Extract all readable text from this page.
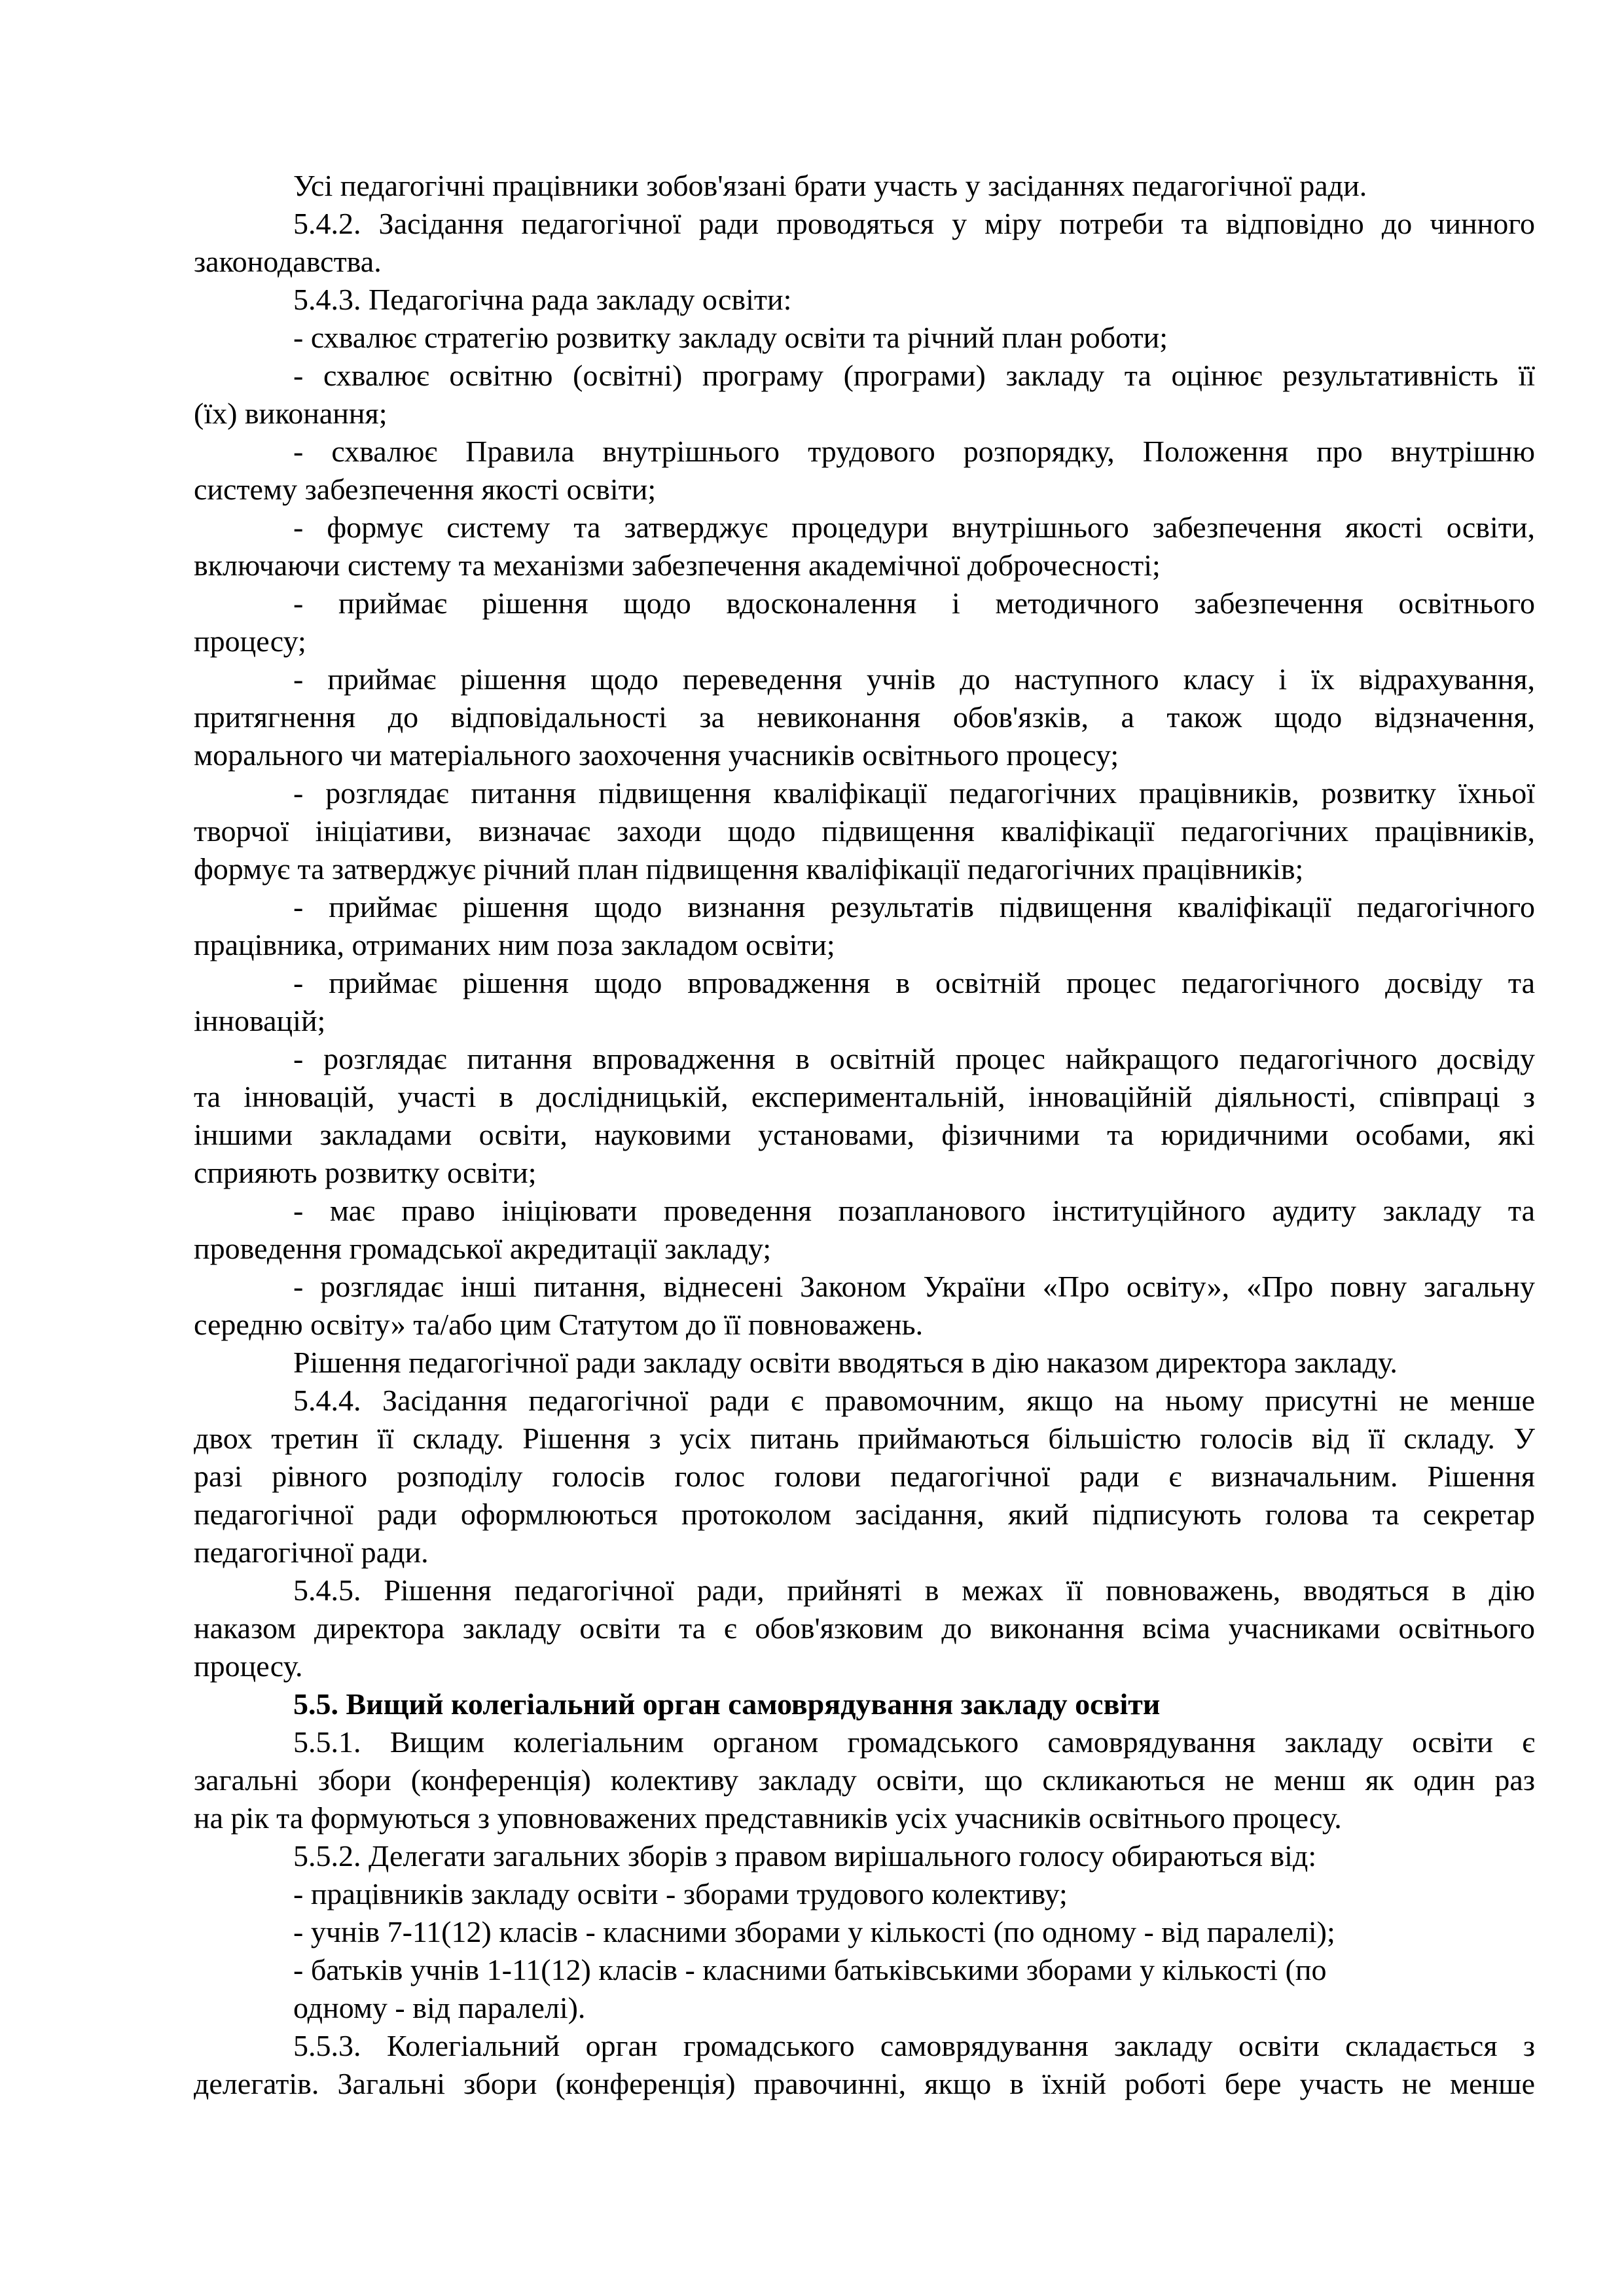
Усі педагогічні працівники зобов'язані брати участь у засіданнях педагогічної ради.
5.4.2. Засідання педагогічної ради проводяться у міру потреби та відповідно до чинного
законодавства.
5.4.3. Педагогічна рада закладу освіти:
- схвалює стратегію розвитку закладу освіти та річний план роботи;
- схвалює освітню (освітні) програму (програми) закладу та оцінює результативність її
(їх) виконання;
- схвалює Правила внутрішнього трудового розпорядку, Положення про внутрішню
систему забезпечення якості освіти;
- формує систему та затверджує процедури внутрішнього забезпечення якості освіти,
включаючи систему та механізми забезпечення академічної доброчесності;
- приймає рішення щодо вдосконалення і методичного забезпечення освітнього
процесу;
- приймає рішення щодо переведення учнів до наступного класу і їх відрахування,
притягнення до відповідальності за невиконання обов'язків, а також щодо відзначення,
морального чи матеріального заохочення учасників освітнього процесу;
- розглядає питання підвищення кваліфікації педагогічних працівників, розвитку їхньої
творчої ініціативи, визначає заходи щодо підвищення кваліфікації педагогічних працівників,
формує та затверджує річний план підвищення кваліфікації педагогічних працівників;
- приймає рішення щодо визнання результатів підвищення кваліфікації педагогічного
працівника, отриманих ним поза закладом освіти;
- приймає рішення щодо впровадження в освітній процес педагогічного досвіду та
інновацій;
- розглядає питання впровадження в освітній процес найкращого педагогічного досвіду
та інновацій, участі в дослідницькій, експериментальній, інноваційній діяльності, співпраці з
іншими закладами освіти, науковими установами, фізичними та юридичними особами, які
сприяють розвитку освіти;
- має право ініціювати проведення позапланового інституційного аудиту закладу та
проведення громадської акредитації закладу;
- розглядає інші питання, віднесені Законом України «Про освіту», «Про повну загальну
середню освіту» та/або цим Статутом до її повноважень.
Рішення педагогічної ради закладу освіти вводяться в дію наказом директора закладу.
5.4.4. Засідання педагогічної ради є правомочним, якщо на ньому присутні не менше
двох третин її складу. Рішення з усіх питань приймаються більшістю голосів від її складу. У
разі рівного розподілу голосів голос голови педагогічної ради є визначальним. Рішення
педагогічної ради оформлюються протоколом засідання, який підписують голова та секретар
педагогічної ради.
5.4.5. Рішення педагогічної ради, прийняті в межах її повноважень, вводяться в дію
наказом директора закладу освіти та є обов'язковим до виконання всіма учасниками освітнього
процесу.
5.5. Вищий колегіальний орган самоврядування закладу освіти
5.5.1. Вищим колегіальним органом громадського самоврядування закладу освіти є
загальні збори (конференція) колективу закладу освіти, що скликаються не менш як один раз
на рік та формуються з уповноважених представників усіх учасників освітнього процесу.
5.5.2. Делегати загальних зборів з правом вирішального голосу обираються від:
- працівників закладу освіти - зборами трудового колективу;
- учнів 7-11(12) класів - класними зборами у кількості (по одному - від паралелі);
- батьків учнів 1-11(12) класів - класними батьківськими зборами у кількості (по
одному - від паралелі).
5.5.3. Колегіальний орган громадського самоврядування закладу освіти складається з
делегатів. Загальні збори (конференція) правочинні, якщо в їхній роботі бере участь не менше
